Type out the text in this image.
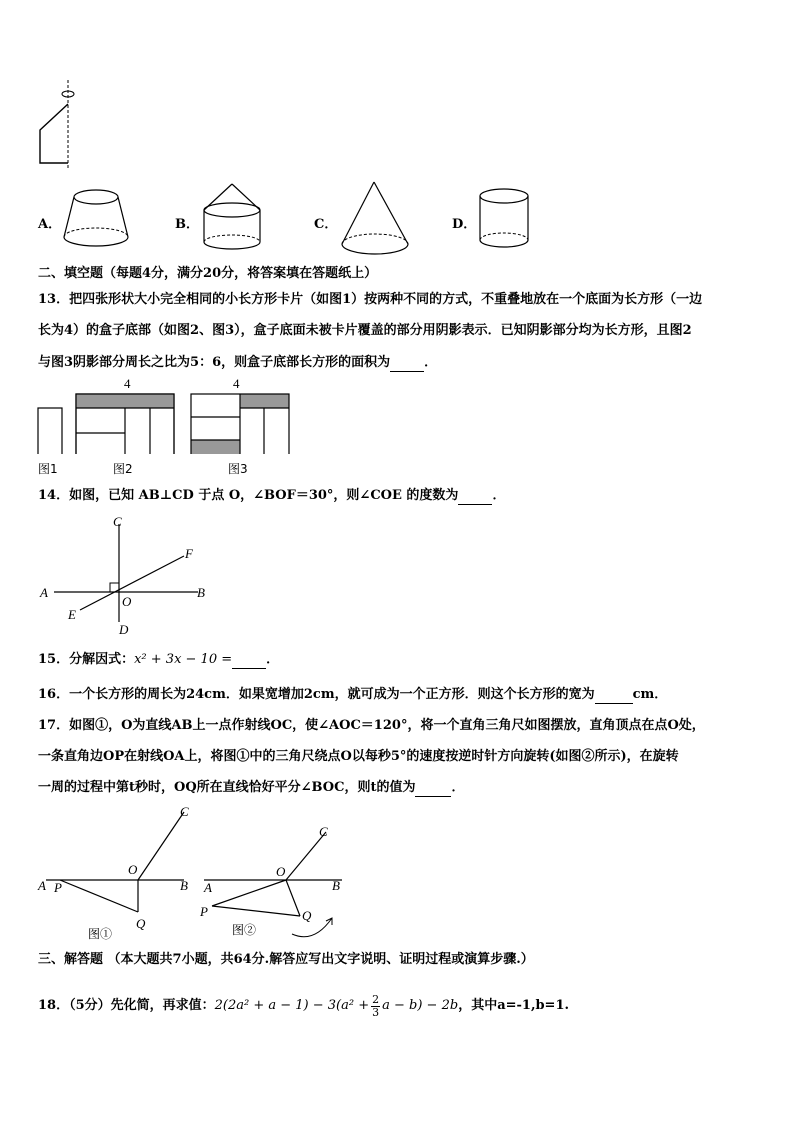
A．	B．	C．	D．
二、填空题（每题4分，满分20分，将答案填在答题纸上）
13．把四张形状大小完全相同的小长方形卡片（如图1）按两种不同的方式，不重叠地放在一个底面为长方形（一边
长为4）的盒子底部（如图2、图3），盒子底面未被卡片覆盖的部分用阴影表示．已知阴影部分均为长方形，且图2
与图3阴影部分周长之比为5：6，则盒子底部长方形的面积为	．
4	4
图1	图2	图3
14．如图，已知 AB⊥CD 于点 O，∠BOF＝30°，则∠COE 的度数为	．
C
F
A
O
B
E
D
15．分解因式：x² + 3x − 10 =	．
16．一个长方形的周长为24cm．如果宽增加2cm，就可成为一个正方形．则这个长方形的宽为	cm．
17．如图①，O为直线AB上一点作射线OC，使∠AOC＝120°，将一个直角三角尺如图摆放，直角顶点在点O处，
一条直角边OP在射线OA上，将图①中的三角尺绕点O以每秒5°的速度按逆时针方向旋转(如图②所示)，在旋转
一周的过程中第t秒时，OQ所在直线恰好平分∠BOC，则t的值为	．
C
O
A P	B
Q
图①
C
O
A	B
P	Q
图②
三、解答题 （本大题共7小题，共64分.解答应写出文字说明、证明过程或演算步骤.）
18．（5分）先化简，再求值： $2(2a^2 + a - 1) - 3(a^2 + \frac{2}{3}$ a − b) − 2b ，其中a=-1,b=1.
